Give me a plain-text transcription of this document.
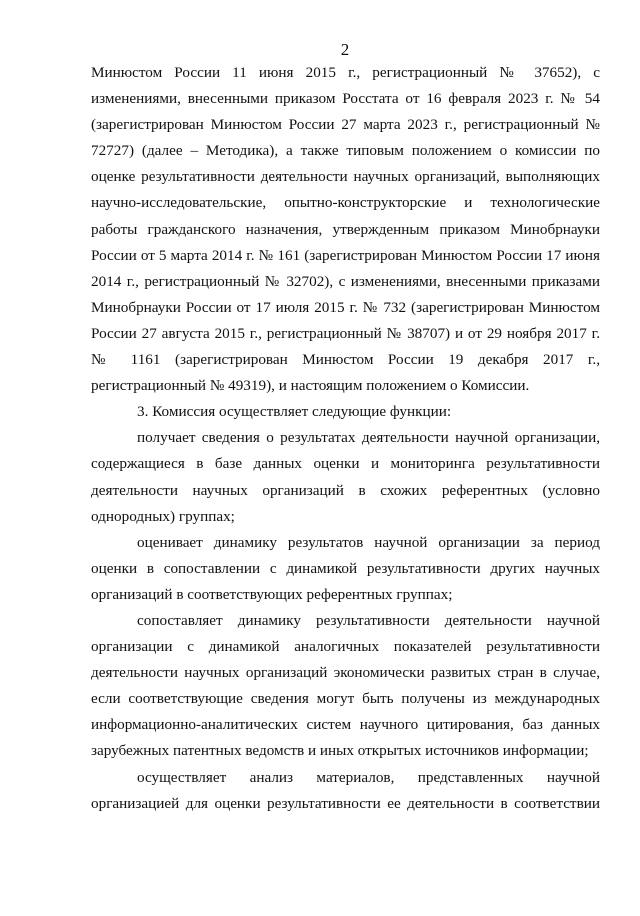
2

Минюстом России 11 июня 2015 г., регистрационный № 37652), с изменениями, внесенными приказом Росстата от 16 февраля 2023 г. № 54 (зарегистрирован Минюстом России 27 марта 2023 г., регистрационный № 72727) (далее – Методика), а также типовым положением о комиссии по оценке результативности деятельности научных организаций, выполняющих научно-исследовательские, опытно-конструкторские и технологические работы гражданского назначения, утвержденным приказом Минобрнауки России от 5 марта 2014 г. № 161 (зарегистрирован Минюстом России 17 июня 2014 г., регистрационный № 32702), с изменениями, внесенными приказами Минобрнауки России от 17 июля 2015 г. № 732 (зарегистрирован Минюстом России 27 августа 2015 г., регистрационный № 38707) и от 29 ноября 2017 г. № 1161 (зарегистрирован Минюстом России 19 декабря 2017 г., регистрационный № 49319), и настоящим положением о Комиссии.

3. Комиссия осуществляет следующие функции:

получает сведения о результатах деятельности научной организации, содержащиеся в базе данных оценки и мониторинга результативности деятельности научных организаций в схожих референтных (условно однородных) группах;

оценивает динамику результатов научной организации за период оценки в сопоставлении с динамикой результативности других научных организаций в соответствующих референтных группах;

сопоставляет динамику результативности деятельности научной организации с динамикой аналогичных показателей результативности деятельности научных организаций экономически развитых стран в случае, если соответствующие сведения могут быть получены из международных информационно-аналитических систем научного цитирования, баз данных зарубежных патентных ведомств и иных открытых источников информации;

осуществляет анализ материалов, представленных научной организацией для оценки результативности ее деятельности в соответствии
